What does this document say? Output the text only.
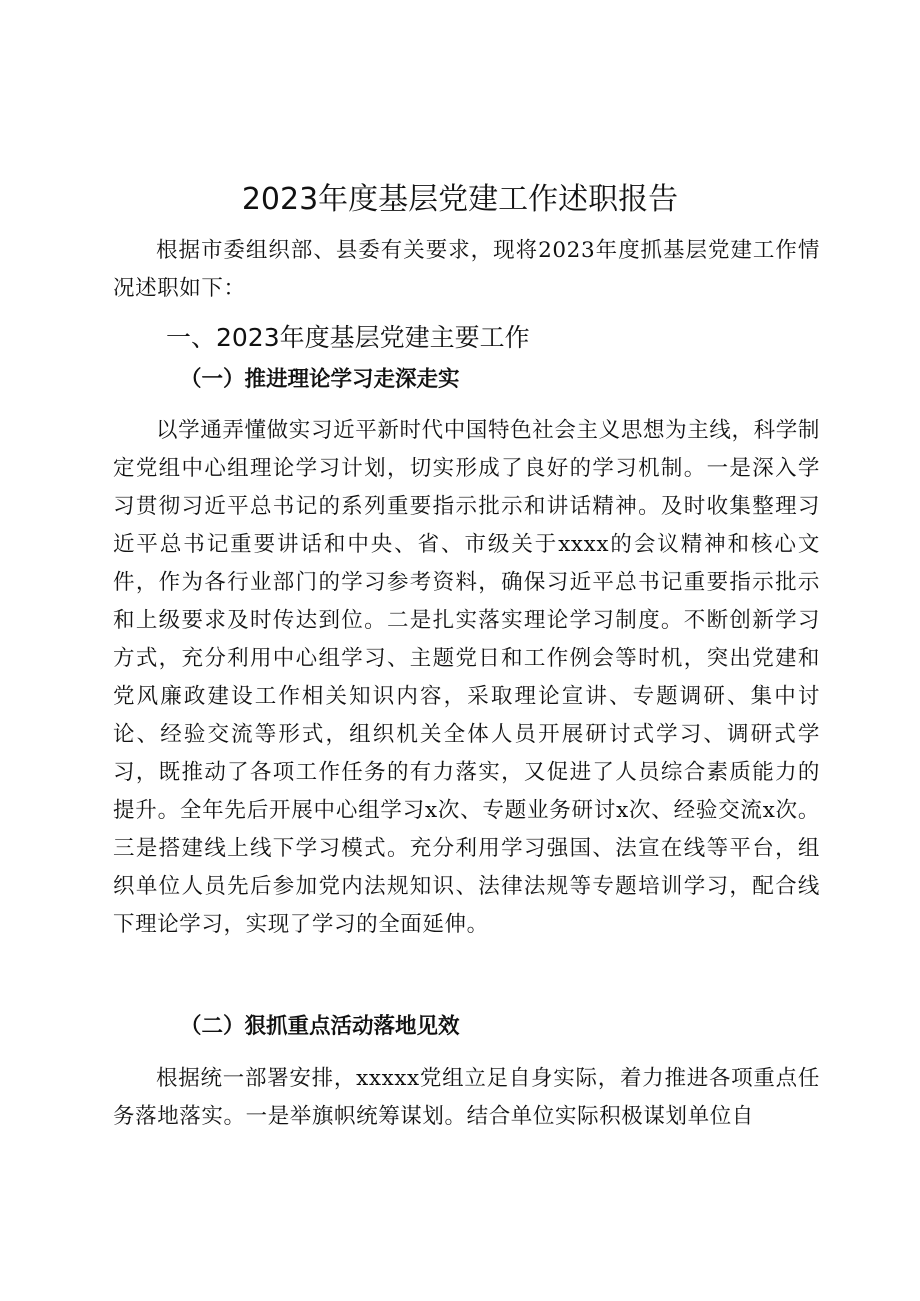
2023年度基层党建工作述职报告

根据市委组织部、县委有关要求，现将2023年度抓基层党建工作情况述职如下：

一、2023年度基层党建主要工作
（一）推进理论学习走深走实

以学通弄懂做实习近平新时代中国特色社会主义思想为主线，科学制定党组中心组理论学习计划，切实形成了良好的学习机制。一是深入学习贯彻习近平总书记的系列重要指示批示和讲话精神。及时收集整理习近平总书记重要讲话和中央、省、市级关于xxxx的会议精神和核心文件，作为各行业部门的学习参考资料，确保习近平总书记重要指示批示和上级要求及时传达到位。二是扎实落实理论学习制度。不断创新学习方式，充分利用中心组学习、主题党日和工作例会等时机，突出党建和党风廉政建设工作相关知识内容，采取理论宣讲、专题调研、集中讨论、经验交流等形式，组织机关全体人员开展研讨式学习、调研式学习，既推动了各项工作任务的有力落实，又促进了人员综合素质能力的提升。全年先后开展中心组学习x次、专题业务研讨x次、经验交流x次。三是搭建线上线下学习模式。充分利用学习强国、法宣在线等平台，组织单位人员先后参加党内法规知识、法律法规等专题培训学习，配合线下理论学习，实现了学习的全面延伸。

（二）狠抓重点活动落地见效

根据统一部署安排，xxxxx党组立足自身实际，着力推进各项重点任务落地落实。一是举旗帜统筹谋划。结合单位实际积极谋划单位自
